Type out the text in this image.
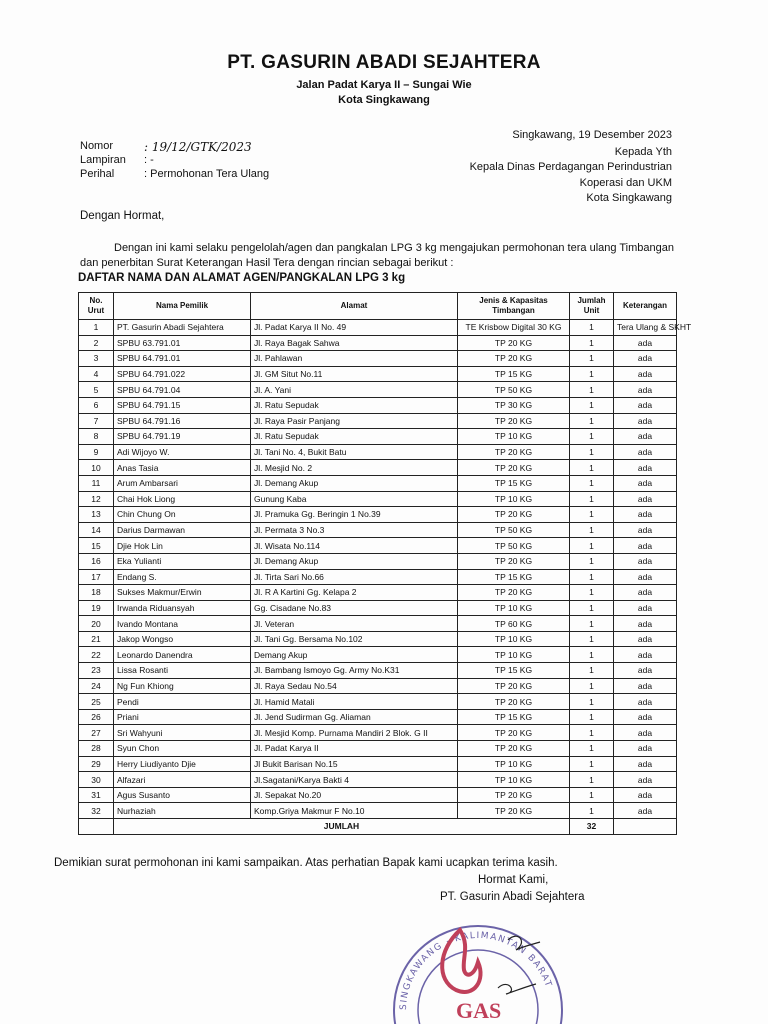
PT. GASURIN ABADI SEJAHTERA
Jalan Padat Karya II – Sungai Wie
Kota Singkawang
Nomor	: 19/12/GTK/2023
Lampiran	: -
Perihal	: Permohonan Tera Ulang
Singkawang, 19 Desember 2023
Kepada Yth
Kepala Dinas Perdagangan Perindustrian
Koperasi dan UKM
Kota Singkawang
Dengan Hormat,
Dengan ini kami selaku pengelolah/agen dan pangkalan LPG 3 kg mengajukan permohonan tera ulang Timbangan dan penerbitan Surat Keterangan Hasil Tera dengan rincian sebagai berikut :
DAFTAR NAMA DAN ALAMAT AGEN/PANGKALAN LPG 3 kg
No. Urut	Nama Pemilik	Alamat	Jenis & Kapasitas Timbangan	Jumlah Unit	Keterangan
1	PT. Gasurin Abadi Sejahtera	Jl. Padat Karya II No. 49	TE Krisbow Digital 30 KG	1	Tera Ulang & SKHT
2	SPBU 63.791.01	Jl. Raya Bagak Sahwa	TP 20 KG	1	ada
3	SPBU 64.791.01	Jl. Pahlawan	TP 20 KG	1	ada
4	SPBU 64.791.022	Jl. GM Situt No.11	TP 15 KG	1	ada
5	SPBU 64.791.04	Jl. A. Yani	TP 50 KG	1	ada
6	SPBU 64.791.15	Jl. Ratu Sepudak	TP 30 KG	1	ada
7	SPBU 64.791.16	Jl. Raya Pasir Panjang	TP 20 KG	1	ada
8	SPBU 64.791.19	Jl. Ratu Sepudak	TP 10 KG	1	ada
9	Adi Wijoyo W.	Jl. Tani No. 4, Bukit Batu	TP 20 KG	1	ada
10	Anas Tasia	Jl. Mesjid No. 2	TP 20 KG	1	ada
11	Arum Ambarsari	Jl. Demang Akup	TP 15 KG	1	ada
12	Chai Hok Liong	Gunung Kaba	TP 10 KG	1	ada
13	Chin Chung On	Jl. Pramuka Gg. Beringin 1 No.39	TP 20 KG	1	ada
14	Darius Darmawan	Jl. Permata 3 No.3	TP 50 KG	1	ada
15	Djie Hok Lin	Jl. Wisata No.114	TP 50 KG	1	ada
16	Eka Yulianti	Jl. Demang Akup	TP 20 KG	1	ada
17	Endang S.	Jl. Tirta Sari No.66	TP 15 KG	1	ada
18	Sukses Makmur/Erwin	Jl. R A Kartini Gg. Kelapa 2	TP 20 KG	1	ada
19	Irwanda Riduansyah	Gg. Cisadane No.83	TP 10 KG	1	ada
20	Ivando Montana	Jl. Veteran	TP 60 KG	1	ada
21	Jakop Wongso	Jl. Tani Gg. Bersama No.102	TP 10 KG	1	ada
22	Leonardo Danendra	Demang Akup	TP 10 KG	1	ada
23	Lissa Rosanti	Jl. Bambang Ismoyo Gg. Army No.K31	TP 15 KG	1	ada
24	Ng Fun Khiong	Jl. Raya Sedau No.54	TP 20 KG	1	ada
25	Pendi	Jl. Hamid Matali	TP 20 KG	1	ada
26	Priani	Jl. Jend Sudirman Gg. Aliaman	TP 15 KG	1	ada
27	Sri Wahyuni	Jl. Mesjid Komp. Purnama Mandiri 2 Blok. G II	TP 20 KG	1	ada
28	Syun Chon	Jl. Padat Karya II	TP 20 KG	1	ada
29	Herry Liudiyanto Djie	Jl Bukit Barisan No.15	TP 10 KG	1	ada
30	Alfazari	Jl.Sagatani/Karya Bakti 4	TP 10 KG	1	ada
31	Agus Susanto	Jl. Sepakat No.20	TP 20 KG	1	ada
32	Nurhaziah	Komp.Griya Makmur F No.10	TP 20 KG	1	ada
	JUMLAH			32	
Demikian surat permohonan ini kami sampaikan. Atas perhatian Bapak kami ucapkan terima kasih.
Hormat Kami,
PT. Gasurin Abadi Sejahtera
SINGKAWANG · KALIMANTAN BARAT
GAS
